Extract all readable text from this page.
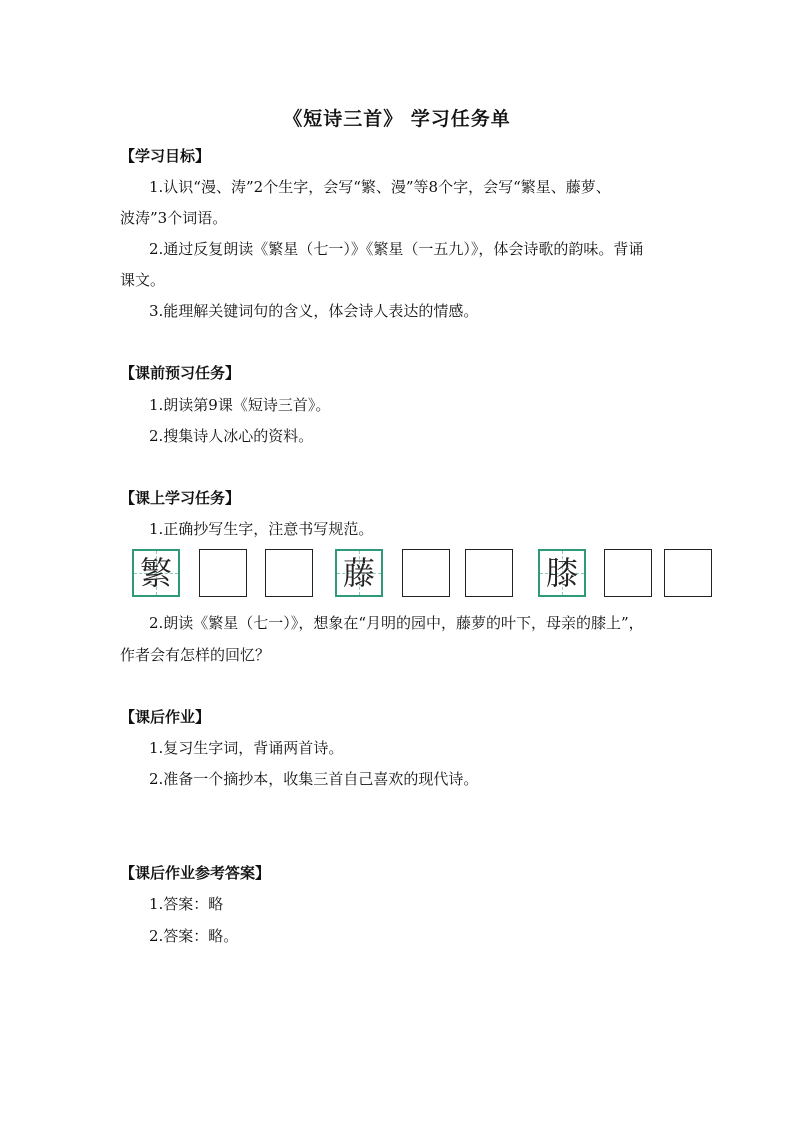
《短诗三首》 学习任务单
【学习目标】
1.认识“漫、涛”2个生字，会写“繁、漫”等8个字，会写“繁星、藤萝、
波涛”3个词语。
2.通过反复朗读《繁星（七一）》《繁星（一五九）》，体会诗歌的韵味。背诵
课文。
3.能理解关键词句的含义，体会诗人表达的情感。
【课前预习任务】
1.朗读第9课《短诗三首》。
2.搜集诗人冰心的资料。
【课上学习任务】
1.正确抄写生字，注意书写规范。
繁	藤	膝
2.朗读《繁星（七一）》，想象在“月明的园中，藤萝的叶下，母亲的膝上”，
作者会有怎样的回忆？
【课后作业】
1.复习生字词，背诵两首诗。
2.准备一个摘抄本，收集三首自己喜欢的现代诗。
【课后作业参考答案】
1.答案：略
2.答案：略。
